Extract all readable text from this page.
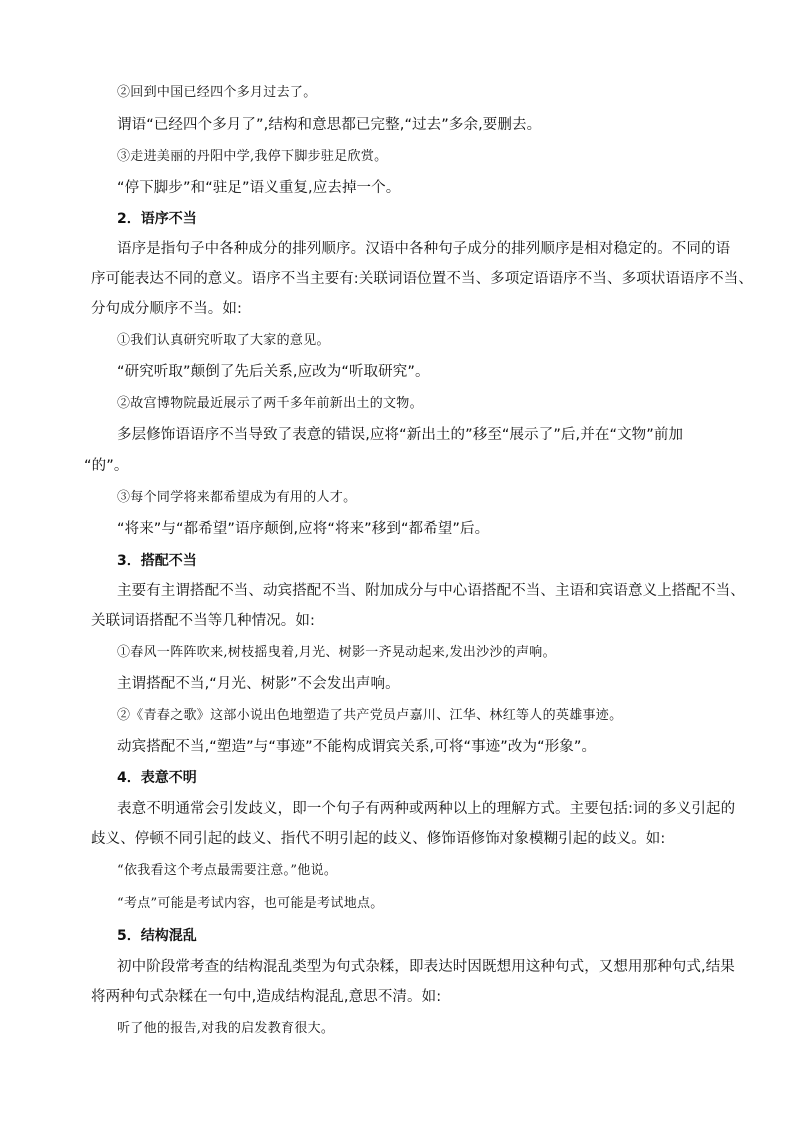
②回到中国已经四个多月过去了。
谓语“已经四个多月了”,结构和意思都已完整,“过去”多余,要删去。
③走进美丽的丹阳中学,我停下脚步驻足欣赏。
“停下脚步”和“驻足”语义重复,应去掉一个。
2．语序不当
语序是指句子中各种成分的排列顺序。汉语中各种句子成分的排列顺序是相对稳定的。不同的语
序可能表达不同的意义。语序不当主要有:关联词语位置不当、多项定语语序不当、多项状语语序不当、
分句成分顺序不当。如:
①我们认真研究听取了大家的意见。
“研究听取”颠倒了先后关系,应改为“听取研究”。
②故宫博物院最近展示了两千多年前新出土的文物。
多层修饰语语序不当导致了表意的错误,应将“新出土的”移至“展示了”后,并在“文物”前加
“的”。
③每个同学将来都希望成为有用的人才。
“将来”与“都希望”语序颠倒,应将“将来”移到“都希望”后。
3．搭配不当
主要有主谓搭配不当、动宾搭配不当、附加成分与中心语搭配不当、主语和宾语意义上搭配不当、
关联词语搭配不当等几种情况。如:
①春风一阵阵吹来,树枝摇曳着,月光、树影一齐晃动起来,发出沙沙的声响。
主谓搭配不当,“月光、树影”不会发出声响。
②《青春之歌》这部小说出色地塑造了共产党员卢嘉川、江华、林红等人的英雄事迹。
动宾搭配不当,“塑造”与“事迹”不能构成谓宾关系,可将“事迹”改为“形象”。
4．表意不明
表意不明通常会引发歧义，即一个句子有两种或两种以上的理解方式。主要包括:词的多义引起的
歧义、停顿不同引起的歧义、指代不明引起的歧义、修饰语修饰对象模糊引起的歧义。如:
“依我看这个考点最需要注意。”他说。
“考点”可能是考试内容，也可能是考试地点。
5．结构混乱
初中阶段常考查的结构混乱类型为句式杂糅，即表达时因既想用这种句式，又想用那种句式,结果
将两种句式杂糅在一句中,造成结构混乱,意思不清。如:
听了他的报告,对我的启发教育很大。
